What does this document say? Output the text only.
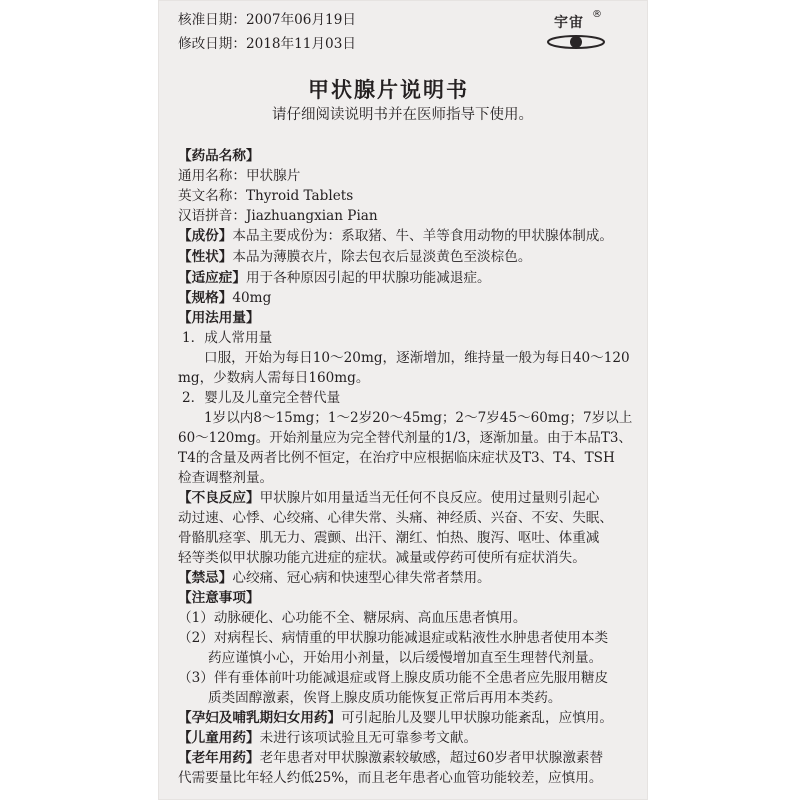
核准日期：2007年06月19日
修改日期：2018年11月03日
宇宙
®
甲状腺片说明书
请仔细阅读说明书并在医师指导下使用。
【药品名称】
通用名称：甲状腺片
英文名称：Thyroid Tablets
汉语拼音：Jiazhuangxian Pian
【成份】本品主要成份为：系取猪、牛、羊等食用动物的甲状腺体制成。
【性状】本品为薄膜衣片，除去包衣后显淡黄色至淡棕色。
【适应症】用于各种原因引起的甲状腺功能减退症。
【规格】40mg
【用法用量】
1．成人常用量
口服，开始为每日10～20mg，逐渐增加，维持量一般为每日40～120
mg，少数病人需每日160mg。
2．婴儿及儿童完全替代量
1岁以内8～15mg；1～2岁20～45mg；2～7岁45～60mg；7岁以上
60～120mg。开始剂量应为完全替代剂量的1/3，逐渐加量。由于本品T3、
T4的含量及两者比例不恒定，在治疗中应根据临床症状及T3、T4、TSH
检查调整剂量。
【不良反应】甲状腺片如用量适当无任何不良反应。使用过量则引起心
动过速、心悸、心绞痛、心律失常、头痛、神经质、兴奋、不安、失眠、
骨骼肌痉挛、肌无力、震颤、出汗、潮红、怕热、腹泻、呕吐、体重减
轻等类似甲状腺功能亢进症的症状。减量或停药可使所有症状消失。
【禁忌】心绞痛、冠心病和快速型心律失常者禁用。
【注意事项】
（1）动脉硬化、心功能不全、糖尿病、高血压患者慎用。
（2）对病程长、病情重的甲状腺功能减退症或粘液性水肿患者使用本类
药应谨慎小心，开始用小剂量，以后缓慢增加直至生理替代剂量。
（3）伴有垂体前叶功能减退症或肾上腺皮质功能不全患者应先服用糖皮
质类固醇激素，俟肾上腺皮质功能恢复正常后再用本类药。
【孕妇及哺乳期妇女用药】可引起胎儿及婴儿甲状腺功能紊乱，应慎用。
【儿童用药】未进行该项试验且无可靠参考文献。
【老年用药】老年患者对甲状腺激素较敏感，超过60岁者甲状腺激素替
代需要量比年轻人约低25%，而且老年患者心血管功能较差，应慎用。
